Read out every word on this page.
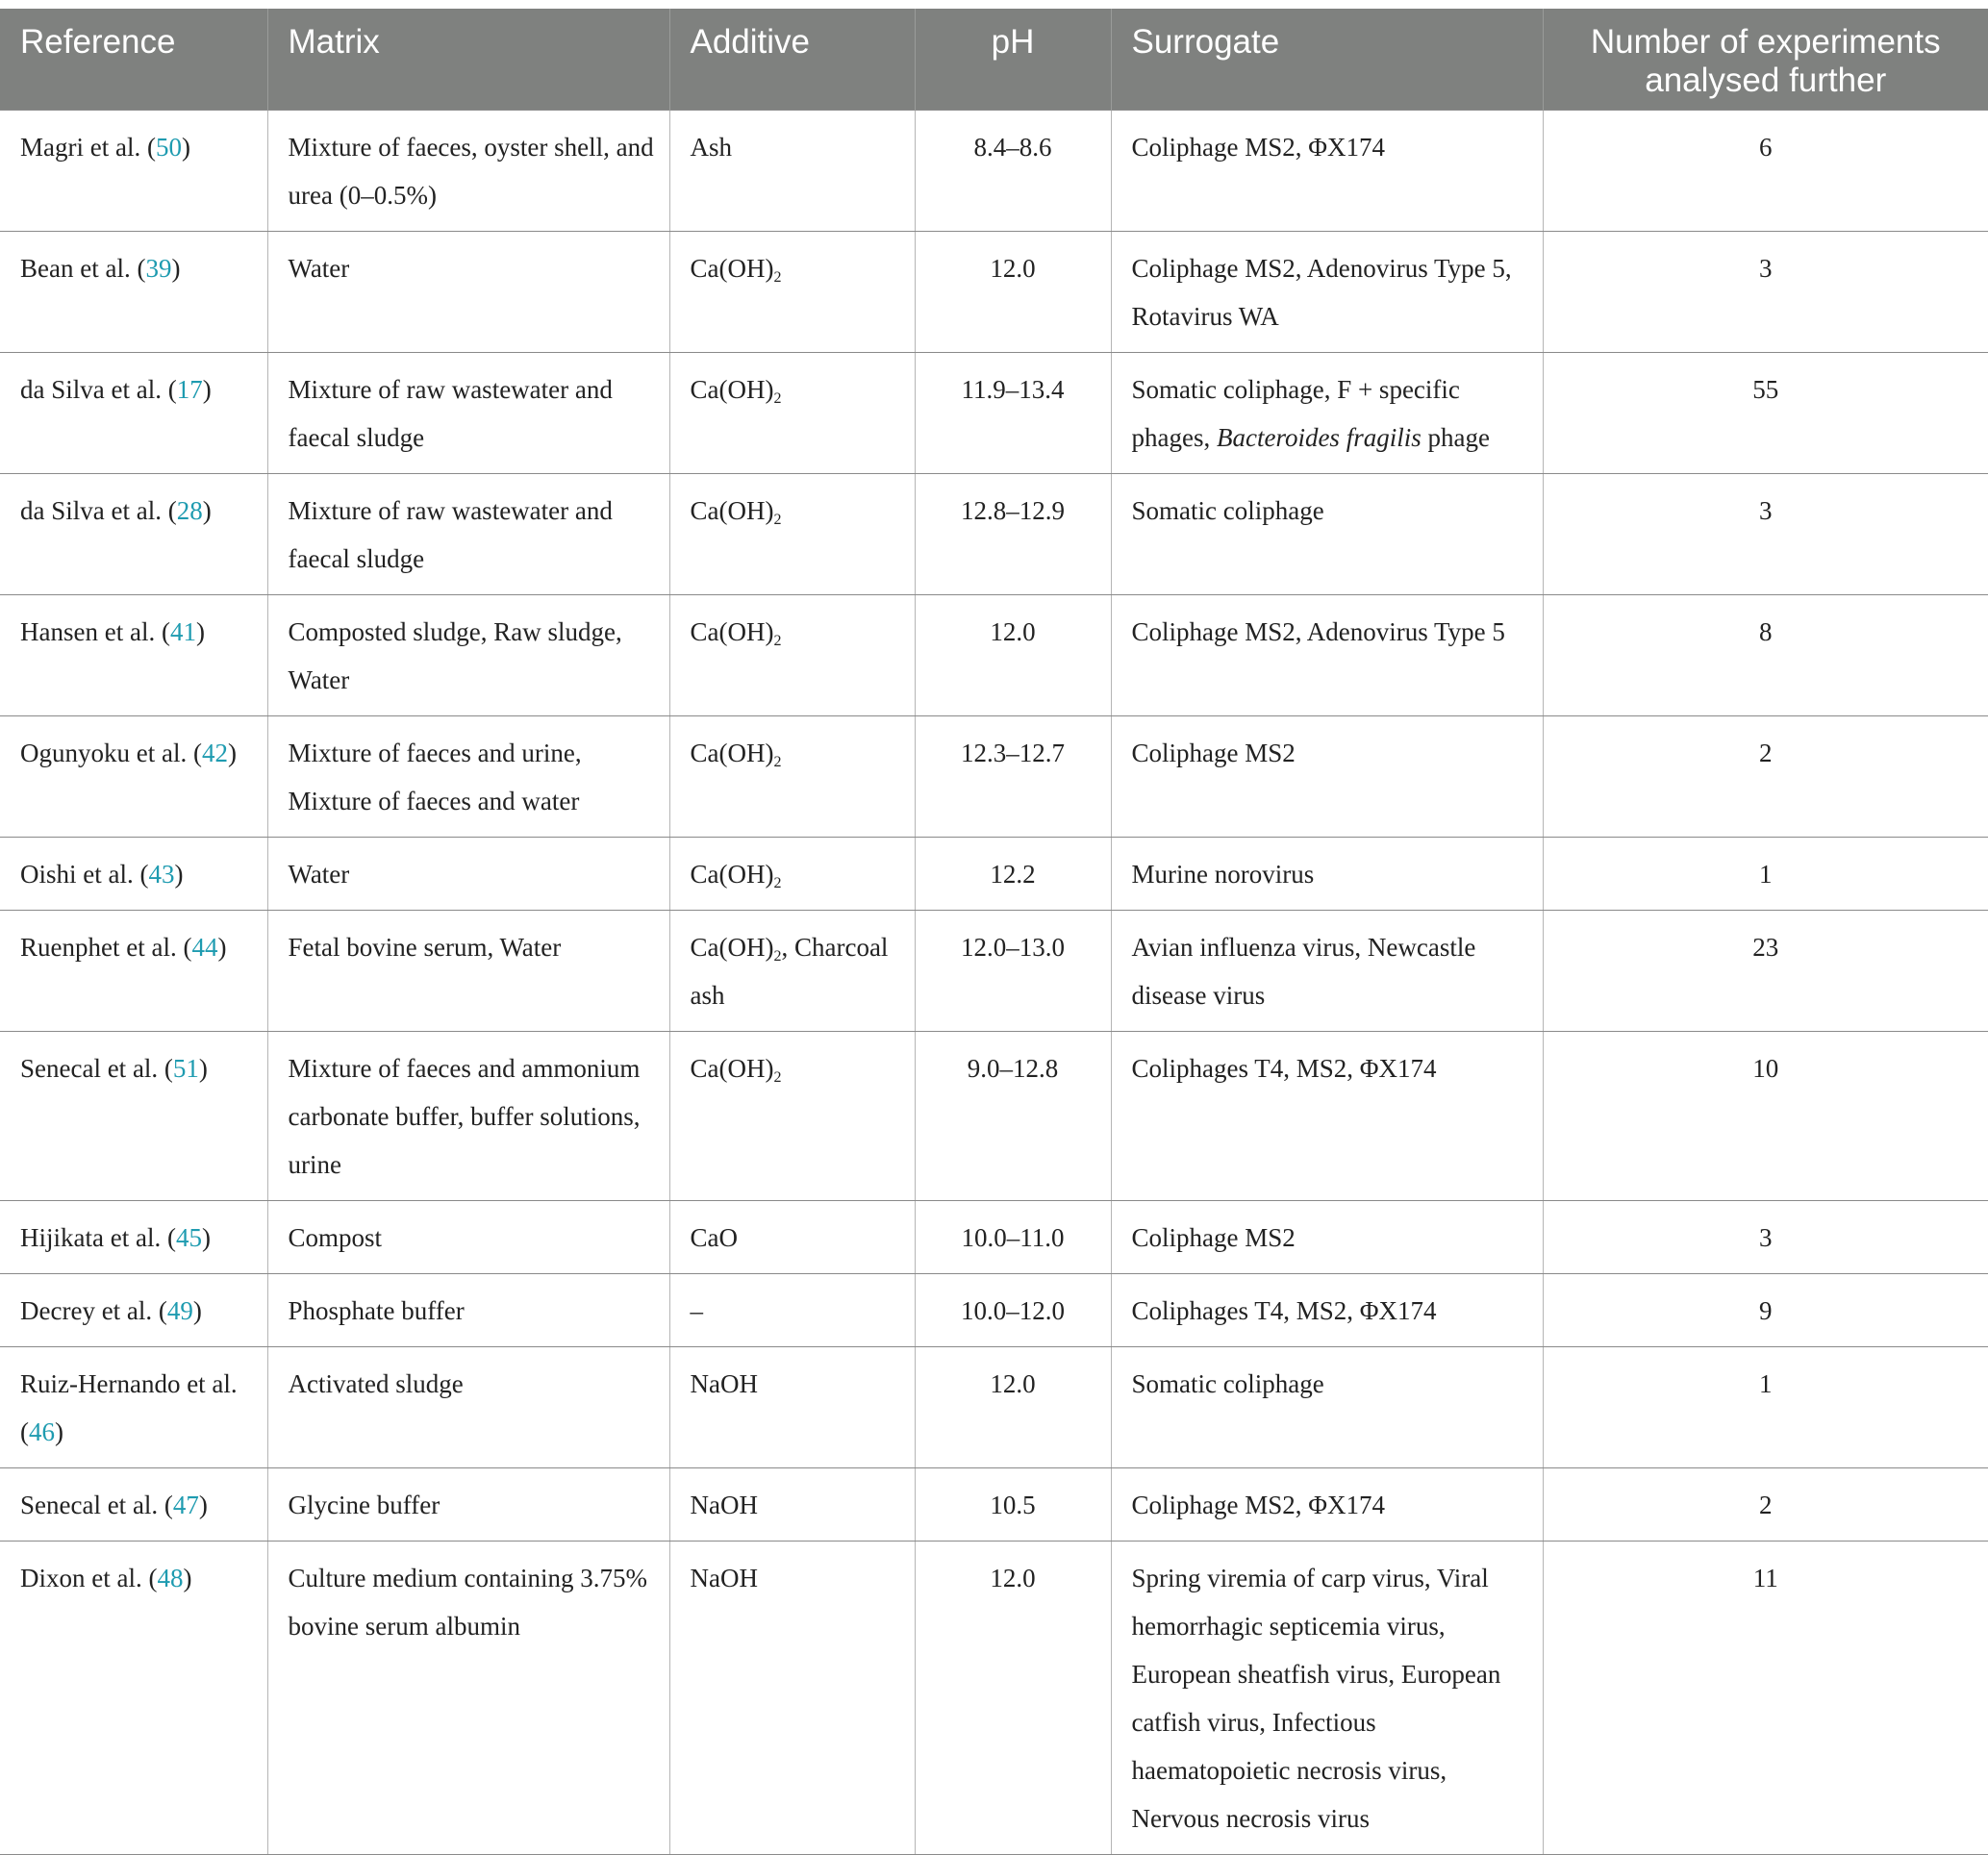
Reference	Matrix	Additive	pH	Surrogate	Number of experiments analysed further
Magri et al. (50)	Mixture of faeces, oyster shell, and urea (0–0.5%)	Ash	8.4–8.6	Coliphage MS2, ΦX174	6
Bean et al. (39)	Water	$Ca(OH)_2$	12.0	Coliphage MS2, Adenovirus Type 5, Rotavirus WA	3
da Silva et al. (17)	Mixture of raw wastewater and faecal sludge	$Ca(OH)_2$	11.9–13.4	Somatic coliphage, F + specific phages, Bacteroides fragilis phage	55
da Silva et al. (28)	Mixture of raw wastewater and faecal sludge	$Ca(OH)_2$	12.8–12.9	Somatic coliphage	3
Hansen et al. (41)	Composted sludge, Raw sludge, Water	$Ca(OH)_2$	12.0	Coliphage MS2, Adenovirus Type 5	8
Ogunyoku et al. (42)	Mixture of faeces and urine, Mixture of faeces and water	$Ca(OH)_2$	12.3–12.7	Coliphage MS2	2
Oishi et al. (43)	Water	$Ca(OH)_2$	12.2	Murine norovirus	1
Ruenphet et al. (44)	Fetal bovine serum, Water	$Ca(OH)_2$, Charcoal ash	12.0–13.0	Avian influenza virus, Newcastle disease virus	23
Senecal et al. (51)	Mixture of faeces and ammonium carbonate buffer, buffer solutions, urine	$Ca(OH)_2$	9.0–12.8	Coliphages T4, MS2, ΦX174	10
Hijikata et al. (45)	Compost	CaO	10.0–11.0	Coliphage MS2	3
Decrey et al. (49)	Phosphate buffer	–	10.0–12.0	Coliphages T4, MS2, ΦX174	9
Ruiz-Hernando et al. (46)	Activated sludge	NaOH	12.0	Somatic coliphage	1
Senecal et al. (47)	Glycine buffer	NaOH	10.5	Coliphage MS2, ΦX174	2
Dixon et al. (48)	Culture medium containing 3.75% bovine serum albumin	NaOH	12.0	Spring viremia of carp virus, Viral hemorrhagic septicemia virus, European sheatfish virus, European catfish virus, Infectious haematopoietic necrosis virus, Nervous necrosis virus	11
